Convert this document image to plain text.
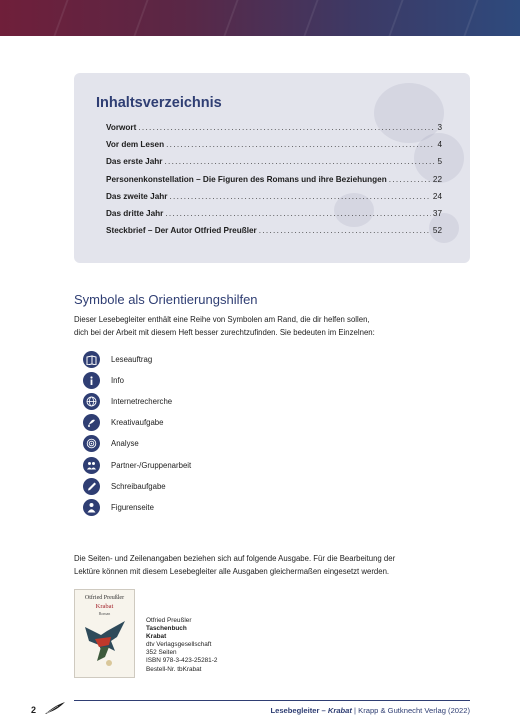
Inhaltsverzeichnis
Vorwort .....	3
Vor dem Lesen .....	4
Das erste Jahr .....	5
Personenkonstellation – Die Figuren des Romans und ihre Beziehungen .....	22
Das zweite Jahr .....	24
Das dritte Jahr .....	37
Steckbrief – Der Autor Otfried Preußler .....	52
Symbole als Orientierungshilfen
Dieser Lesebegleiter enthält eine Reihe von Symbolen am Rand, die dir helfen sollen,
dich bei der Arbeit mit diesem Heft besser zurechtzufinden. Sie bedeuten im Einzelnen:
Leseauftrag
Info
Internetrecherche
Kreativaufgabe
Analyse
Partner-/Gruppenarbeit
Schreibaufgabe
Figurenseite
Die Seiten- und Zeilenangaben beziehen sich auf folgende Ausgabe. Für die Bearbeitung der
Lektüre können mit diesem Lesebegleiter alle Ausgaben gleichermaßen eingesetzt werden.
Otfried Preußler
Krabat
Roman
Otfried Preußler
Taschenbuch
Krabat
dtv Verlagsgesellschaft
352 Seiten
ISBN 978-3-423-25281-2
Bestell-Nr. tbKrabat
2	Lesebegleiter – Krabat | Krapp & Gutknecht Verlag (2022)
